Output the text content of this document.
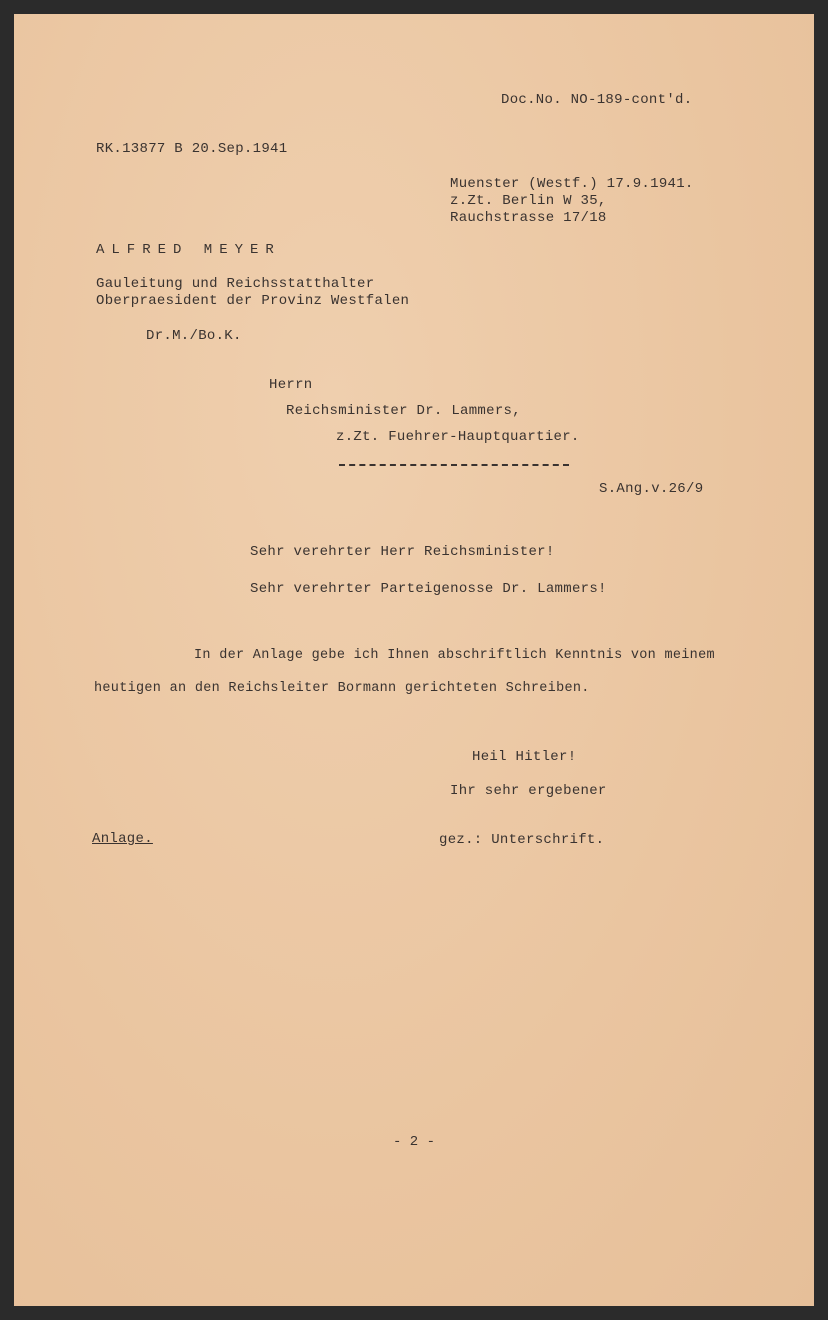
Doc.No. NO-189-cont'd.
RK.13877 B 20.Sep.1941
Muenster (Westf.) 17.9.1941.
z.Zt. Berlin W 35,
Rauchstrasse 17/18
ALFRED MEYER
Gauleitung und Reichsstatthalter
Oberpraesident der Provinz Westfalen
Dr.M./Bo.K.
Herrn
Reichsminister Dr. Lammers,
z.Zt. Fuehrer-Hauptquartier.
S.Ang.v.26/9
Sehr verehrter Herr Reichsminister!
Sehr verehrter Parteigenosse Dr. Lammers!
In der Anlage gebe ich Ihnen abschriftlich Kenntnis von meinem
heutigen an den Reichsleiter Bormann gerichteten Schreiben.
Heil Hitler!
Ihr sehr ergebener
Anlage.	gez.: Unterschrift.
- 2 -
